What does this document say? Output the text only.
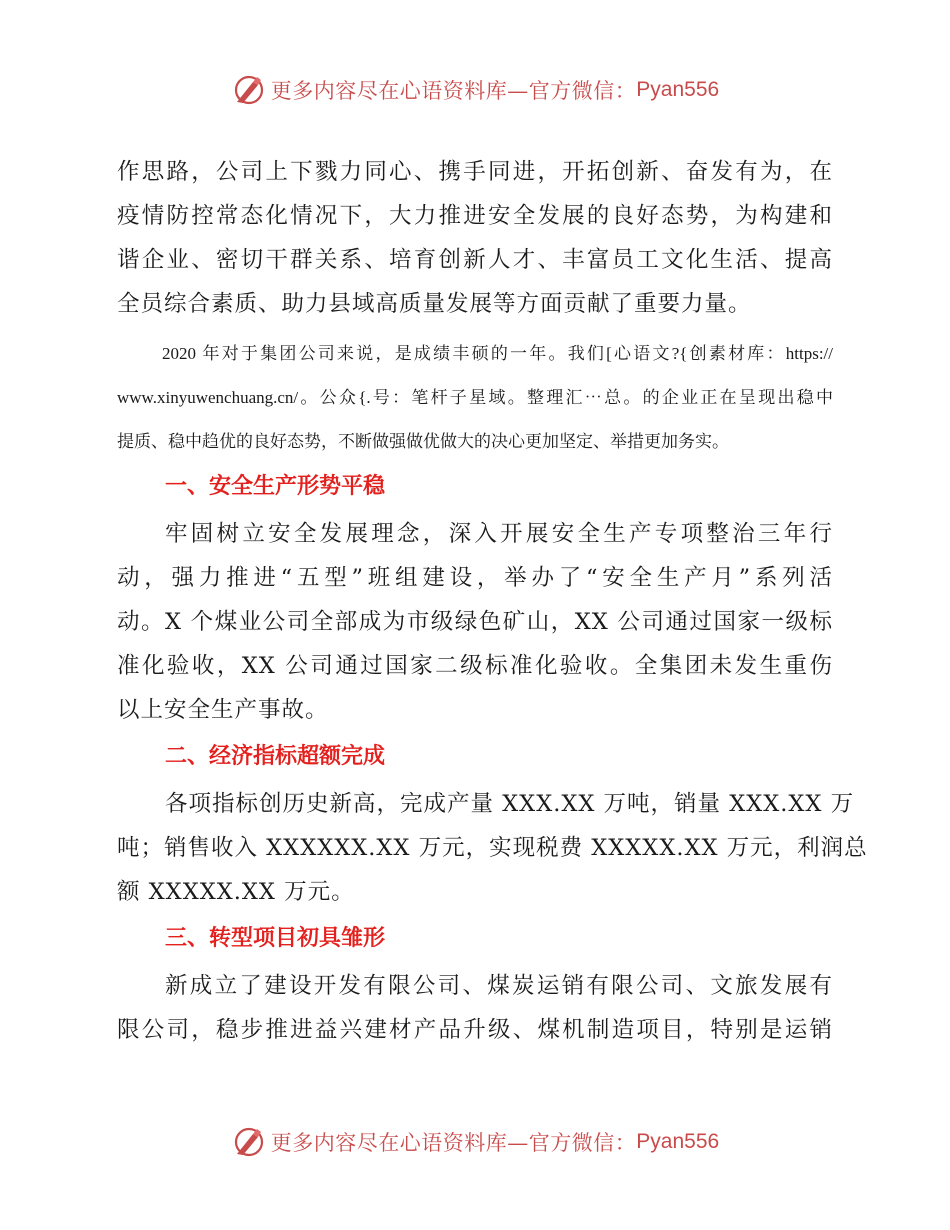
更多内容尽在心语资料库—官方微信： Pyan556

作思路，公司上下戮力同心、携手同进，开拓创新、奋发有为，在
疫情防控常态化情况下，大力推进安全发展的良好态势，为构建和
谐企业、密切干群关系、培育创新人才、丰富员工文化生活、提高
全员综合素质、助力县域高质量发展等方面贡献了重要力量。

2020 年对于集团公司来说，是成绩丰硕的一年。我们[心语文?{创素材库：https://
www.xinyuwenchuang.cn/。公众{.号：笔杆子星域。整理汇⋯总。的企业正在呈现出稳中
提质、稳中趋优的良好态势，不断做强做优做大的决心更加坚定、举措更加务实。

一、安全生产形势平稳

牢固树立安全发展理念，深入开展安全生产专项整治三年行
动，强力推进“五型”班组建设，举办了“安全生产月”系列活
动。X 个煤业公司全部成为市级绿色矿山，XX 公司通过国家一级标
准化验收，XX 公司通过国家二级标准化验收。全集团未发生重伤
以上安全生产事故。

二、经济指标超额完成

各项指标创历史新高，完成产量 XXX.XX 万吨，销量 XXX.XX 万
吨；销售收入 XXXXXX.XX 万元，实现税费 XXXXX.XX 万元，利润总
额 XXXXX.XX 万元。

三、转型项目初具雏形

新成立了建设开发有限公司、煤炭运销有限公司、文旅发展有
限公司，稳步推进益兴建材产品升级、煤机制造项目，特别是运销

更多内容尽在心语资料库—官方微信： Pyan556
